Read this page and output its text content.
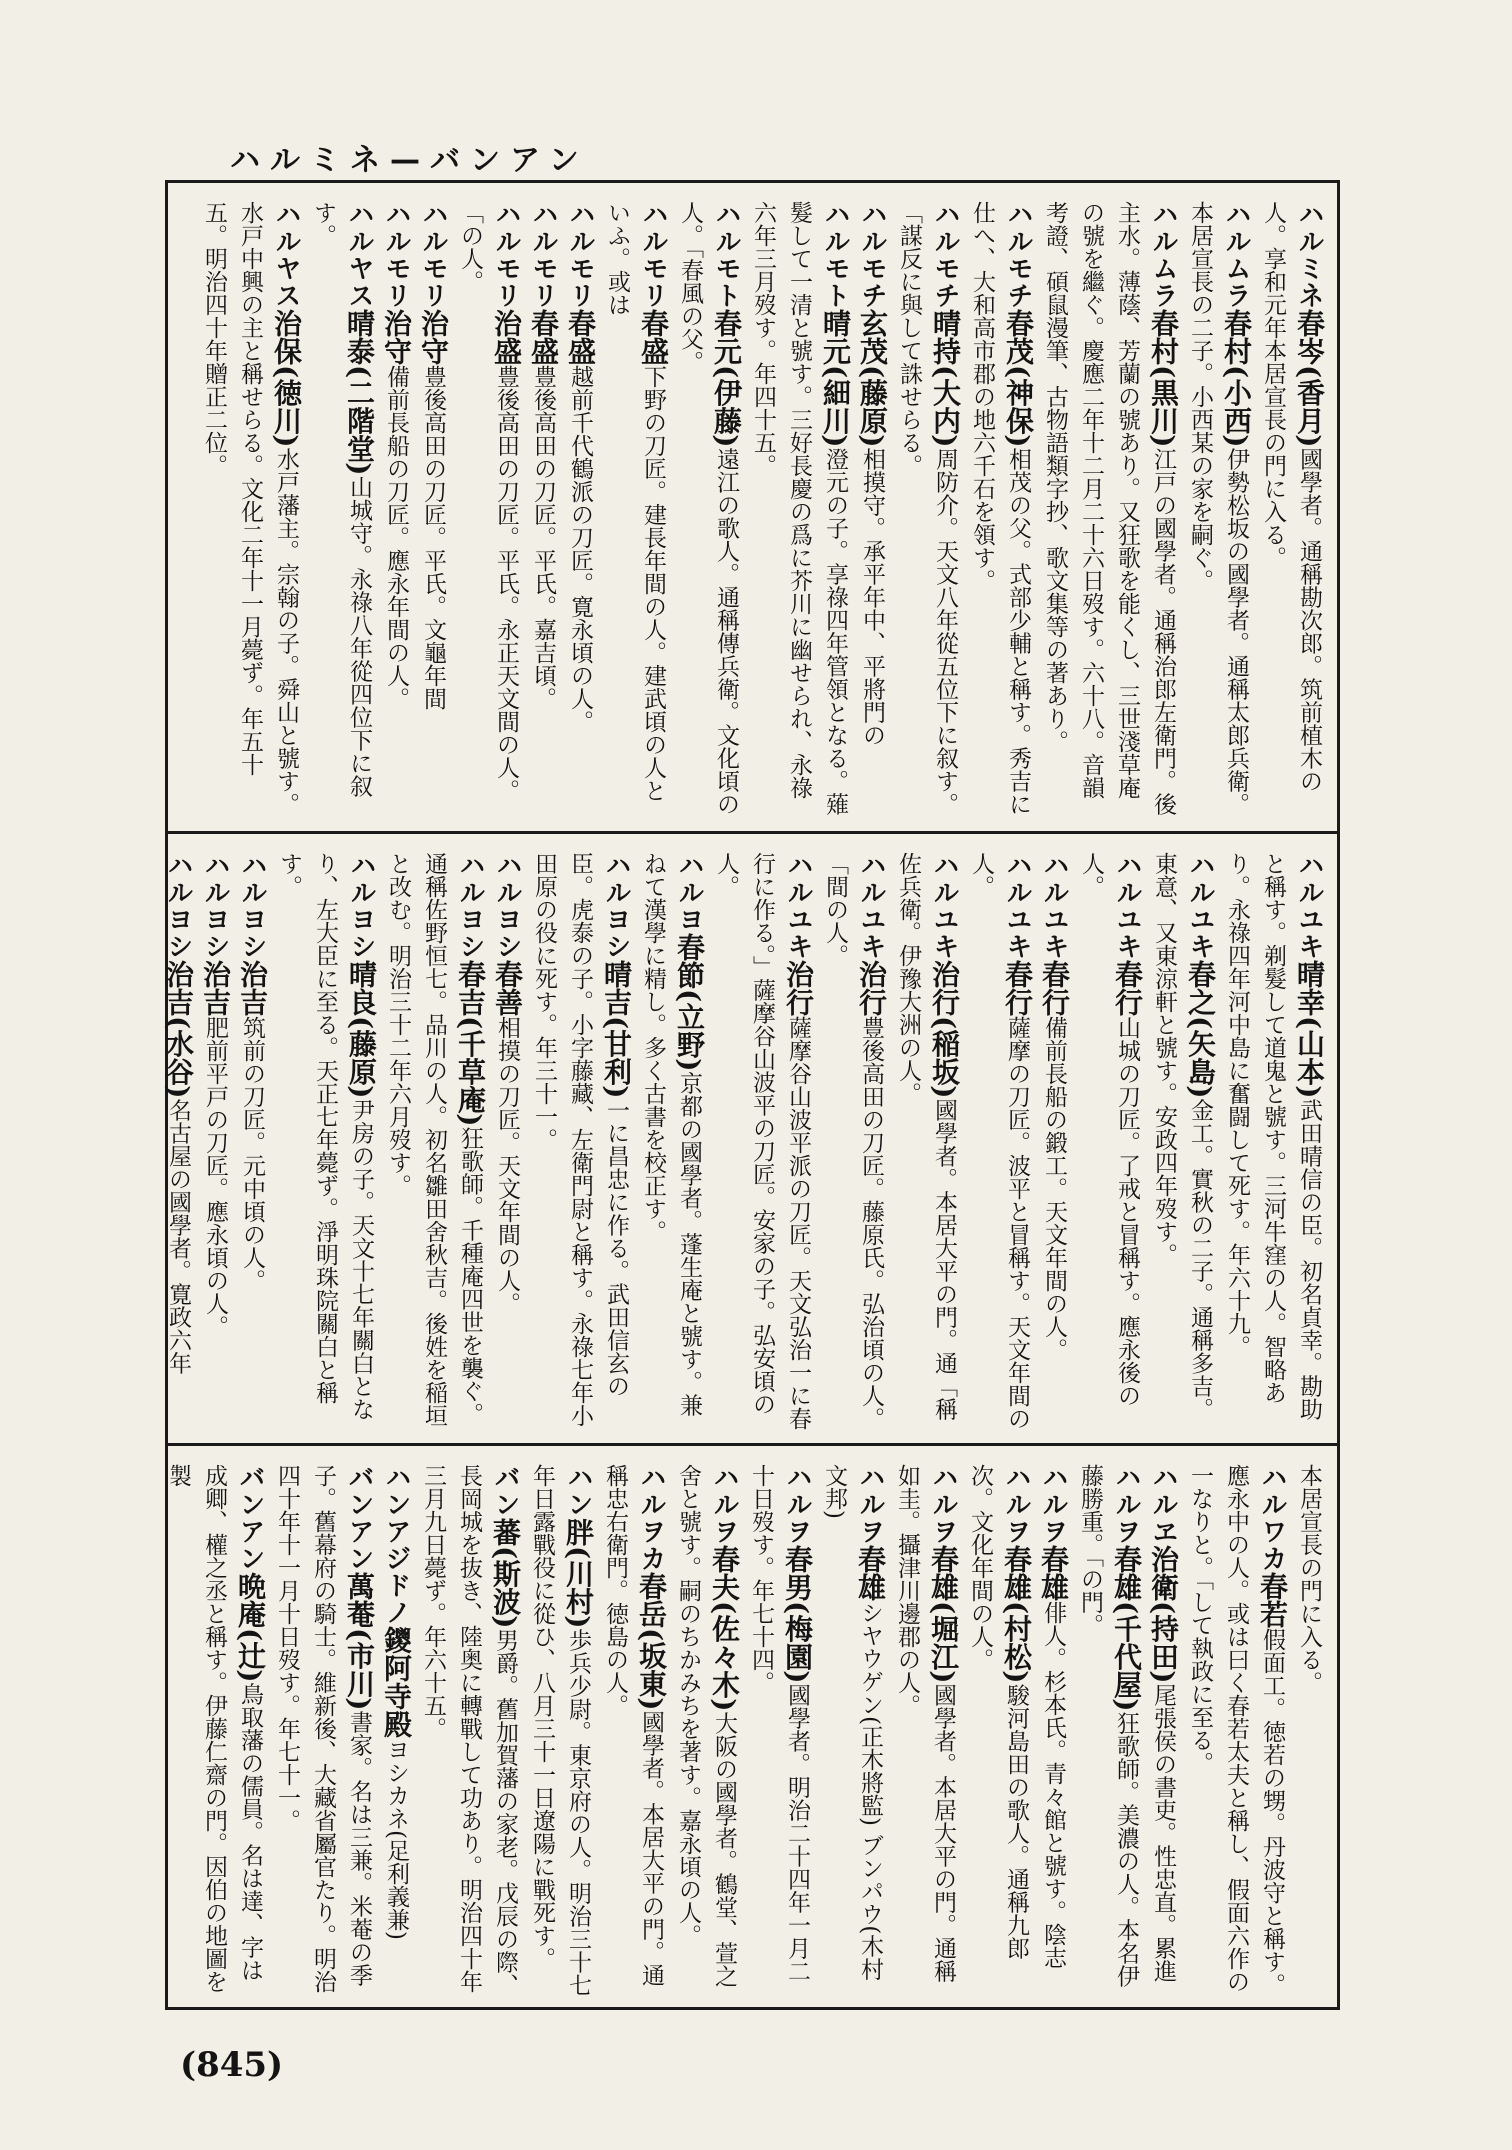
ハルミネ—バンアン
ハルミネ春岑(香月)國學者。通稱勘次郎。筑前植木の人。享和元年本居宣長の門に入る。
ハルムラ春村(小西)伊勢松坂の國學者。通稱太郎兵衛。本居宣長の二子。小西某の家を嗣ぐ。
ハルムラ春村(黒川)江戸の國學者。通稱治郎左衛門。後主水。薄蔭、芳蘭の號あり。又狂歌を能くし、三世淺草庵の號を繼ぐ。慶應二年十二月二十六日歿す。六十八。音韻考證、碩鼠漫筆、古物語類字抄、歌文集等の著あり。
ハルモチ春茂(神保)相茂の父。式部少輔と稱す。秀吉に仕へ、大和高市郡の地六千石を領す。
ハルモチ晴持(大内)周防介。天文八年從五位下に叙す。「謀反に與して誅せらる。
ハルモチ玄茂(藤原)相摸守。承平年中、平將門の
ハルモト晴元(細川)澄元の子。享祿四年管領となる。薙髮して一清と號す。三好長慶の爲に芥川に幽せられ、永祿六年三月歿す。年四十五。
ハルモト春元(伊藤)遠江の歌人。通稱傳兵衛。文化頃の人。「春風の父。
ハルモリ春盛下野の刀匠。建長年間の人。建武頃の人といふ。或は
ハルモリ春盛越前千代鶴派の刀匠。寛永頃の人。
ハルモリ春盛豊後高田の刀匠。平氏。嘉吉頃。
ハルモリ治盛豊後高田の刀匠。平氏。永正天文間の人。「の人。
ハルモリ治守豊後高田の刀匠。平氏。文龜年間
ハルモリ治守備前長船の刀匠。應永年間の人。
ハルヤス晴泰(二階堂)山城守。永祿八年從四位下に叙す。
ハルヤス治保(徳川)水戸藩主。宗翰の子。舜山と號す。水戸中興の主と稱せらる。文化二年十一月薨ず。年五十五。明治四十年贈正二位。
ハルユキ晴幸(山本)武田晴信の臣。初名貞幸。勘助と稱す。剃髮して道鬼と號す。三河牛窪の人。智略あり。永祿四年河中島に奮闘して死す。年六十九。
ハルユキ春之(矢島)金工。實秋の二子。通稱多吉。東意、又東涼軒と號す。安政四年歿す。
ハルユキ春行山城の刀匠。了戒と冒稱す。應永後の人。
ハルユキ春行備前長船の鍛工。天文年間の人。
ハルユキ春行薩摩の刀匠。波平と冒稱す。天文年間の人。
ハルユキ治行(稲坂)國學者。本居大平の門。通「稱佐兵衛。伊豫大洲の人。
ハルユキ治行豊後高田の刀匠。藤原氏。弘治頃の人。「間の人。
ハルユキ治行薩摩谷山波平派の刀匠。天文弘治一に春行に作る。」薩摩谷山波平の刀匠。安家の子。弘安頃の人。
ハルヨ春節(立野)京都の國學者。蓬生庵と號す。兼ねて漢學に精し。多く古書を校正す。
ハルヨシ晴吉(甘利)一に昌忠に作る。武田信玄の臣。虎泰の子。小字藤藏、左衛門尉と稱す。永祿七年小田原の役に死す。年三十一。
ハルヨシ春善相摸の刀匠。天文年間の人。
ハルヨシ春吉(千草庵)狂歌師。千種庵四世を襲ぐ。通稱佐野恒七。品川の人。初名雛田舍秋吉。後姓を稲垣と改む。明治三十二年六月歿す。
ハルヨシ晴良(藤原)尹房の子。天文十七年關白となり、左大臣に至る。天正七年薨ず。淨明珠院關白と稱す。
ハルヨシ治吉筑前の刀匠。元中頃の人。
ハルヨシ治吉肥前平戸の刀匠。應永頃の人。
ハルヨシ治吉(水谷)名古屋の國學者。寛政六年
本居宣長の門に入る。
ハルワカ春若假面工。徳若の甥。丹波守と稱す。應永中の人。或は曰く春若太夫と稱し、假面六作の一なりと。「して執政に至る。
ハルヱ治衛(持田)尾張侯の書吏。性忠直。累進
ハルヲ春雄(千代屋)狂歌師。美濃の人。本名伊藤勝重。「の門。
ハルヲ春雄俳人。杉本氏。青々館と號す。陰志
ハルヲ春雄(村松)駿河島田の歌人。通稱九郎次。文化年間の人。
ハルヲ春雄(堀江)國學者。本居大平の門。通稱如圭。攝津川邊郡の人。
ハルヲ春雄シヤウゲン(正木將監) ブンパウ(木村文邦)
ハルヲ春男(梅園)國學者。明治二十四年一月二十日歿す。年七十四。
ハルヲ春夫(佐々木)大阪の國學者。鶴堂、萱之舍と號す。嗣のちかみちを著す。嘉永頃の人。
ハルヲカ春岳(坂東)國學者。本居大平の門。通稱忠右衛門。徳島の人。
ハン胖(川村)歩兵少尉。東京府の人。明治三十七年日露戰役に從ひ、八月三十一日遼陽に戰死す。
バン蕃(斯波)男爵。舊加賀藩の家老。戊辰の際、長岡城を抜き、陸奥に轉戰して功あり。明治四十年三月九日薨ず。年六十五。
ハンアジドノ鑁阿寺殿ヨシカネ(足利義兼)
バンアン萬菴(市川)書家。名は三兼。米菴の季子。舊幕府の騎士。維新後、大藏省屬官たり。明治四十年十一月十日歿す。年七十一。
バンアン晩庵(辻)鳥取藩の儒員。名は達、字は成卿、權之丞と稱す。伊藤仁齋の門。因伯の地圖を製
(845)
